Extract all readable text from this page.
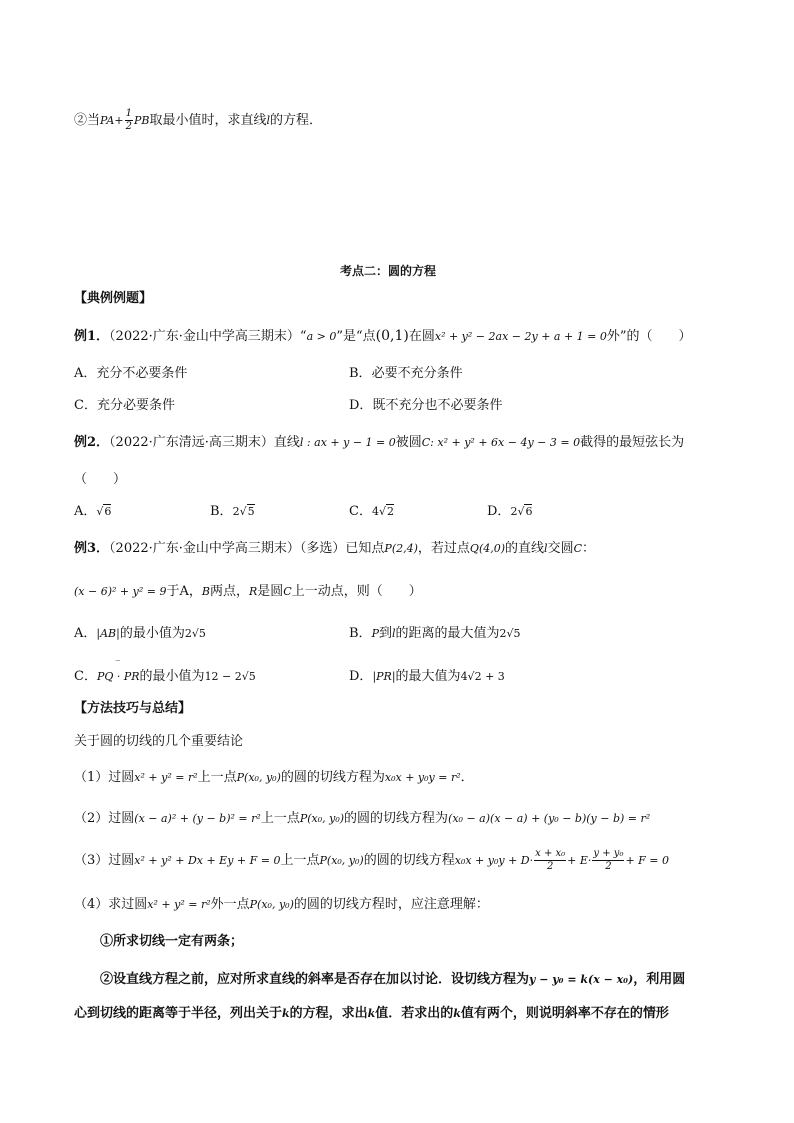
②当$PA+ \frac{1}{2}$ PB取最小值时，求直线l的方程．
考点二：圆的方程
【典例例题】
例1．（2022·广东·金山中学高三期末）“a > 0”是“点(0,1)在圆x² + y² − 2ax − 2y + a + 1 = 0外”的（　　）
A．充分不必要条件	B．必要不充分条件
C．充分必要条件	D．既不充分也不必要条件
例2．（2022·广东清远·高三期末）直线l : ax + y − 1 = 0被圆C: x² + y² + 6x − 4y − 3 = 0截得的最短弦长为
（　　）
A．√6	B．2√5	C．4√2	D．2√6
例3．（2022·广东·金山中学高三期末）（多选）已知点P(2,4)，若过点Q(4,0)的直线l交圆C：
(x − 6)² + y² = 9于A，B两点，R是圆C上一动点，则（　　）
A．|AB|的最小值为2√5	B．P到l的距离的最大值为2√5
C．‾ PQ · PR的最小值为12 − 2√5	D．|PR|的最大值为4√2 + 3
【方法技巧与总结】
关于圆的切线的几个重要结论
（1）过圆x² + y² = r²上一点P(x₀, y₀)的圆的切线方程为x₀x + y₀y = r²．
（2）过圆(x − a)² + (y − b)² = r²上一点P(x₀, y₀)的圆的切线方程为(x₀ − a)(x − a) + (y₀ − b)(y − b) = r²
（3）过圆x² + y² + Dx + Ey + F = 0上一点P(x₀, y₀)的圆的切线方程$x_0x + y_0y + D\cdot \frac{\text{x + x₀}}{2} + E\cdot \frac{\text{y + y₀}}{2} + F = 0$
（4）求过圆x² + y² = r²外一点P(x₀, y₀)的圆的切线方程时，应注意理解：
①所求切线一定有两条；
②设直线方程之前，应对所求直线的斜率是否存在加以讨论．设切线方程为y − y₀ = k(x − x₀)，利用圆
心到切线的距离等于半径，列出关于k的方程，求出k值．若求出的k值有两个，则说明斜率不存在的情形
